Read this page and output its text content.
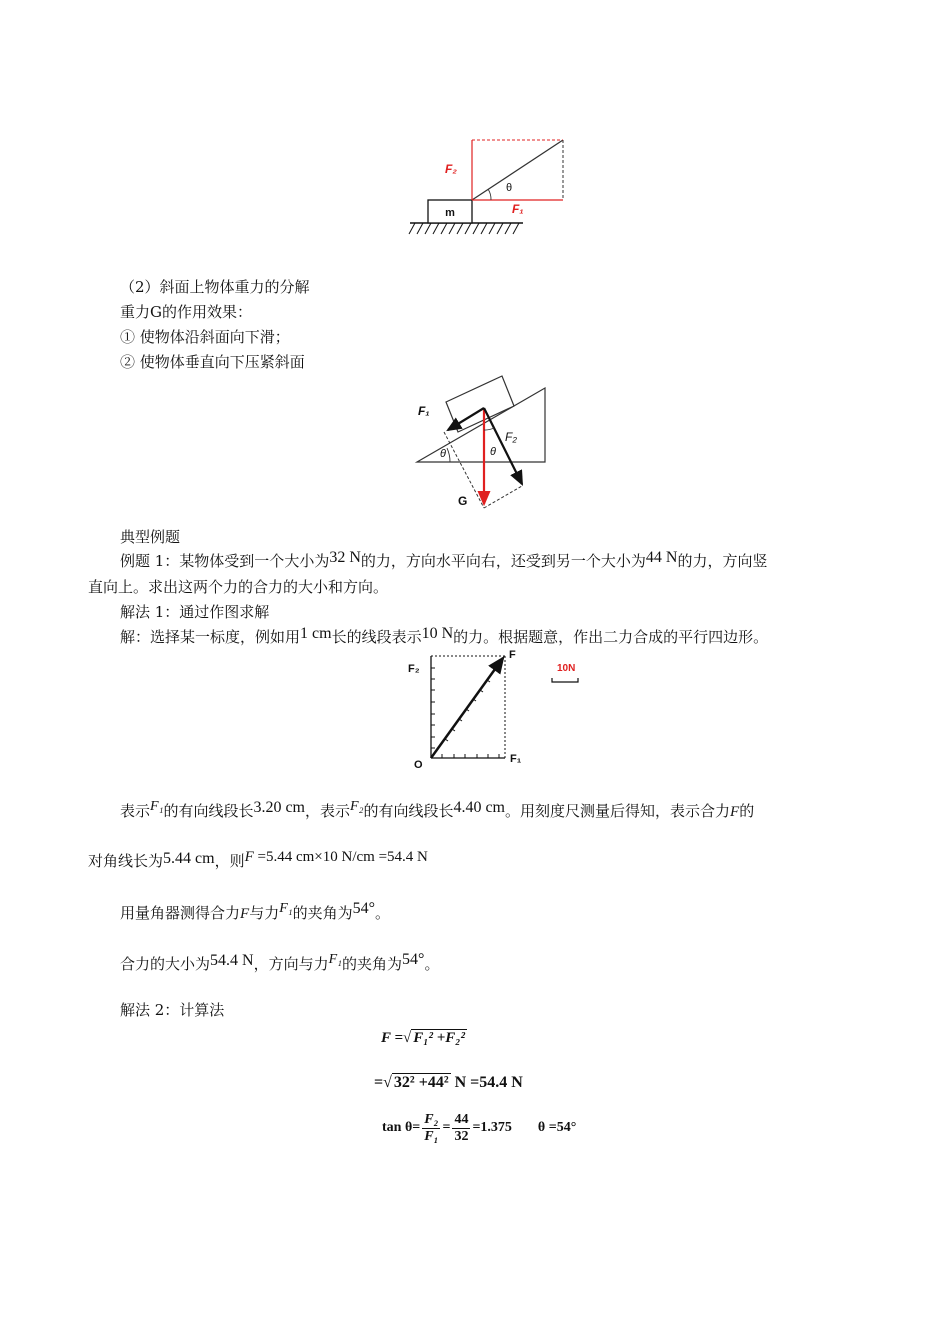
m
F₂
F₁
θ
（2）斜面上物体重力的分解
重力G的作用效果：
① 使物体沿斜面向下滑；
② 使物体垂直向下压紧斜面
F₁
F₂
θ	θ
G
典型例题
例题 1：某物体受到一个大小为32 N的力，方向水平向右，还受到另一个大小为44 N的力，方向竖
直向上。求出这两个力的合力的大小和方向。
解法 1：通过作图求解
解：选择某一标度，例如用1 cm长的线段表示10 N的力。根据题意，作出二力合成的平行四边形。
F₂
F
O	F₁
10N
表示F₁的有向线段长3.20 cm，表示F₂的有向线段长4.40 cm。用刻度尺测量后得知，表示合力F的
对角线长为5.44 cm，则F =5.44 cm×10 N/cm =54.4 N
用量角器测得合力F与力F₁的夹角为54°。
合力的大小为54.4 N，方向与力F₁的夹角为54°。
解法 2：计算法
F =√ F₁² +F₂²
=√ 32² +44² N =54.4 N
$\tan \theta= \frac{\text{F₂}}{\text{F₁}} = \frac{44}{32} =1.375$ θ =54°
